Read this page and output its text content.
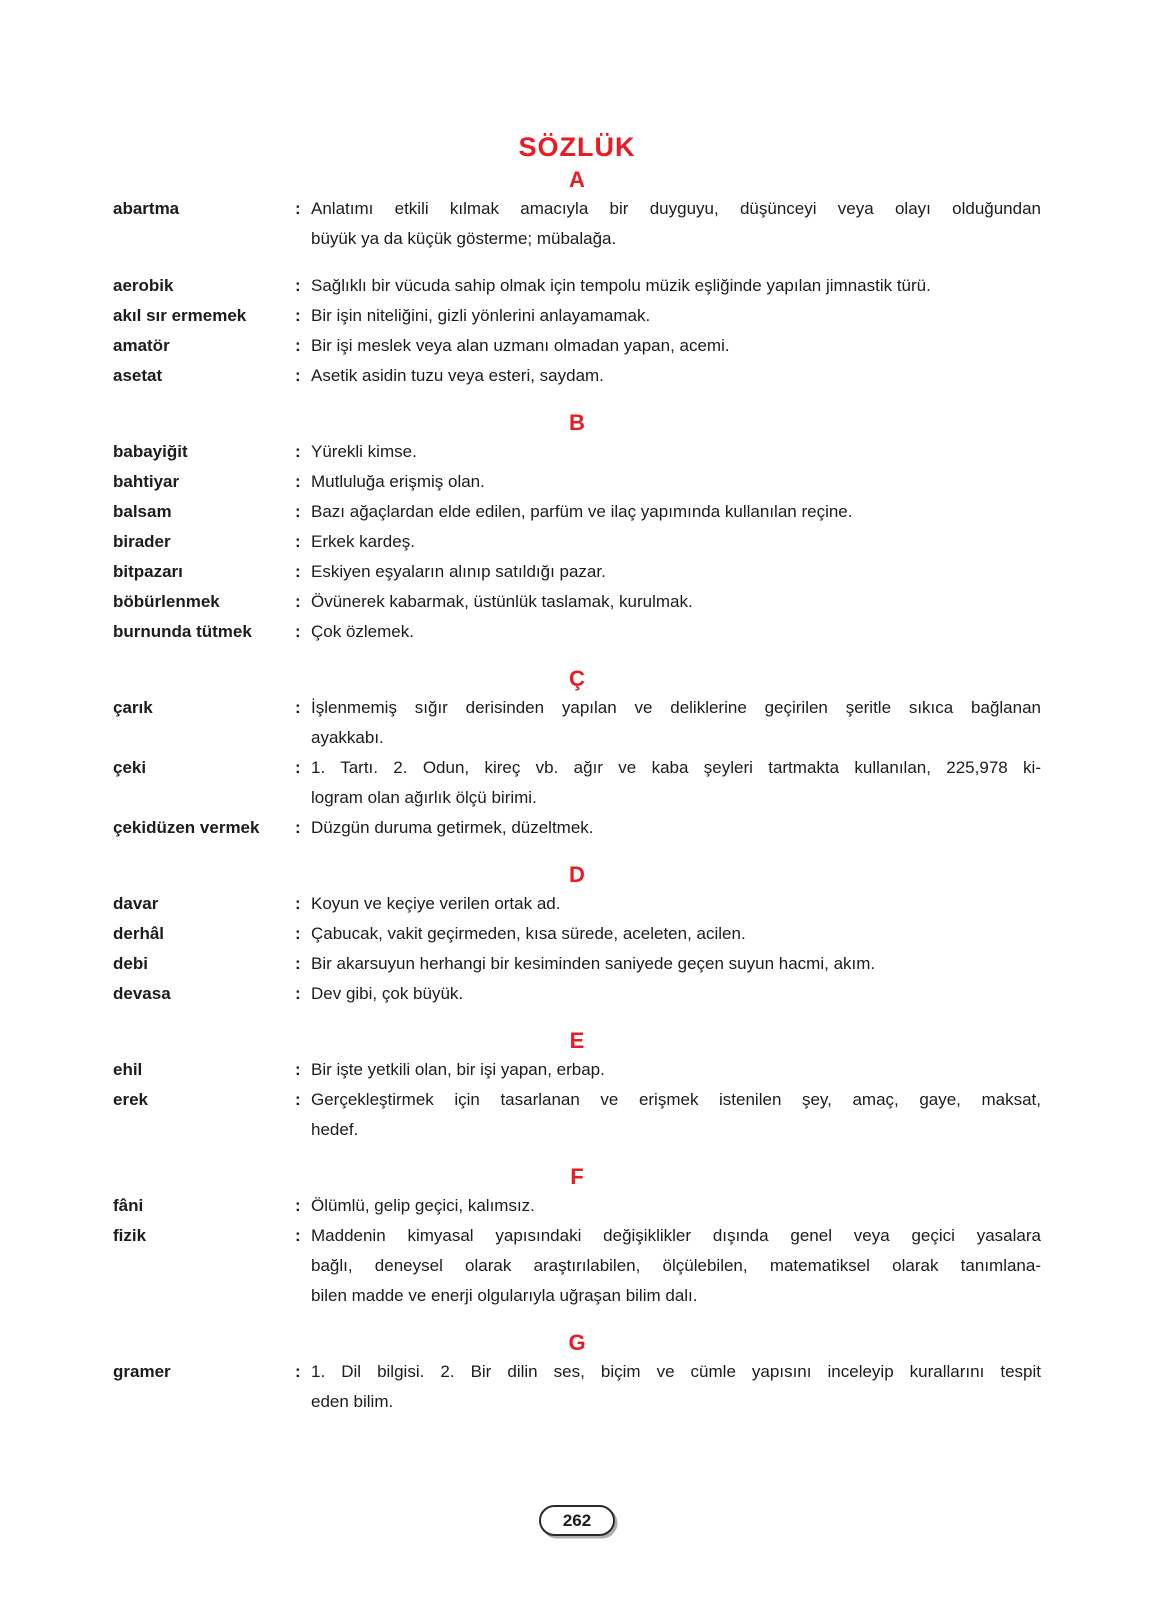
SÖZLÜK
A
abartma	: Anlatımı etkili kılmak amacıyla bir duyguyu, düşünceyi veya olayı olduğundan
büyük ya da küçük gösterme; mübalağa.
aerobik	: Sağlıklı bir vücuda sahip olmak için tempolu müzik eşliğinde yapılan jimnastik türü.
akıl sır ermemek	: Bir işin niteliğini, gizli yönlerini anlayamamak.
amatör	: Bir işi meslek veya alan uzmanı olmadan yapan, acemi.
asetat	: Asetik asidin tuzu veya esteri, saydam.
B
babayiğit	: Yürekli kimse.
bahtiyar	: Mutluluğa erişmiş olan.
balsam	: Bazı ağaçlardan elde edilen, parfüm ve ilaç yapımında kullanılan reçine.
birader	: Erkek kardeş.
bitpazarı	: Eskiyen eşyaların alınıp satıldığı pazar.
böbürlenmek	: Övünerek kabarmak, üstünlük taslamak, kurulmak.
burnunda tütmek	: Çok özlemek.
Ç
çarık	: İşlenmemiş sığır derisinden yapılan ve deliklerine geçirilen şeritle sıkıca bağlanan
ayakkabı.
çeki	: 1. Tartı. 2. Odun, kireç vb. ağır ve kaba şeyleri tartmakta kullanılan, 225,978 ki-
logram olan ağırlık ölçü birimi.
çekidüzen vermek	: Düzgün duruma getirmek, düzeltmek.
D
davar	: Koyun ve keçiye verilen ortak ad.
derhâl	: Çabucak, vakit geçirmeden, kısa sürede, aceleten, acilen.
debi	: Bir akarsuyun herhangi bir kesiminden saniyede geçen suyun hacmi, akım.
devasa	: Dev gibi, çok büyük.
E
ehil	: Bir işte yetkili olan, bir işi yapan, erbap.
erek	: Gerçekleştirmek için tasarlanan ve erişmek istenilen şey, amaç, gaye, maksat,
hedef.
F
fâni	: Ölümlü, gelip geçici, kalımsız.
fizik	: Maddenin kimyasal yapısındaki değişiklikler dışında genel veya geçici yasalara
bağlı, deneysel olarak araştırılabilen, ölçülebilen, matematiksel olarak tanımlana-
bilen madde ve enerji olgularıyla uğraşan bilim dalı.
G
gramer	: 1. Dil bilgisi. 2. Bir dilin ses, biçim ve cümle yapısını inceleyip kurallarını tespit
eden bilim.
262
